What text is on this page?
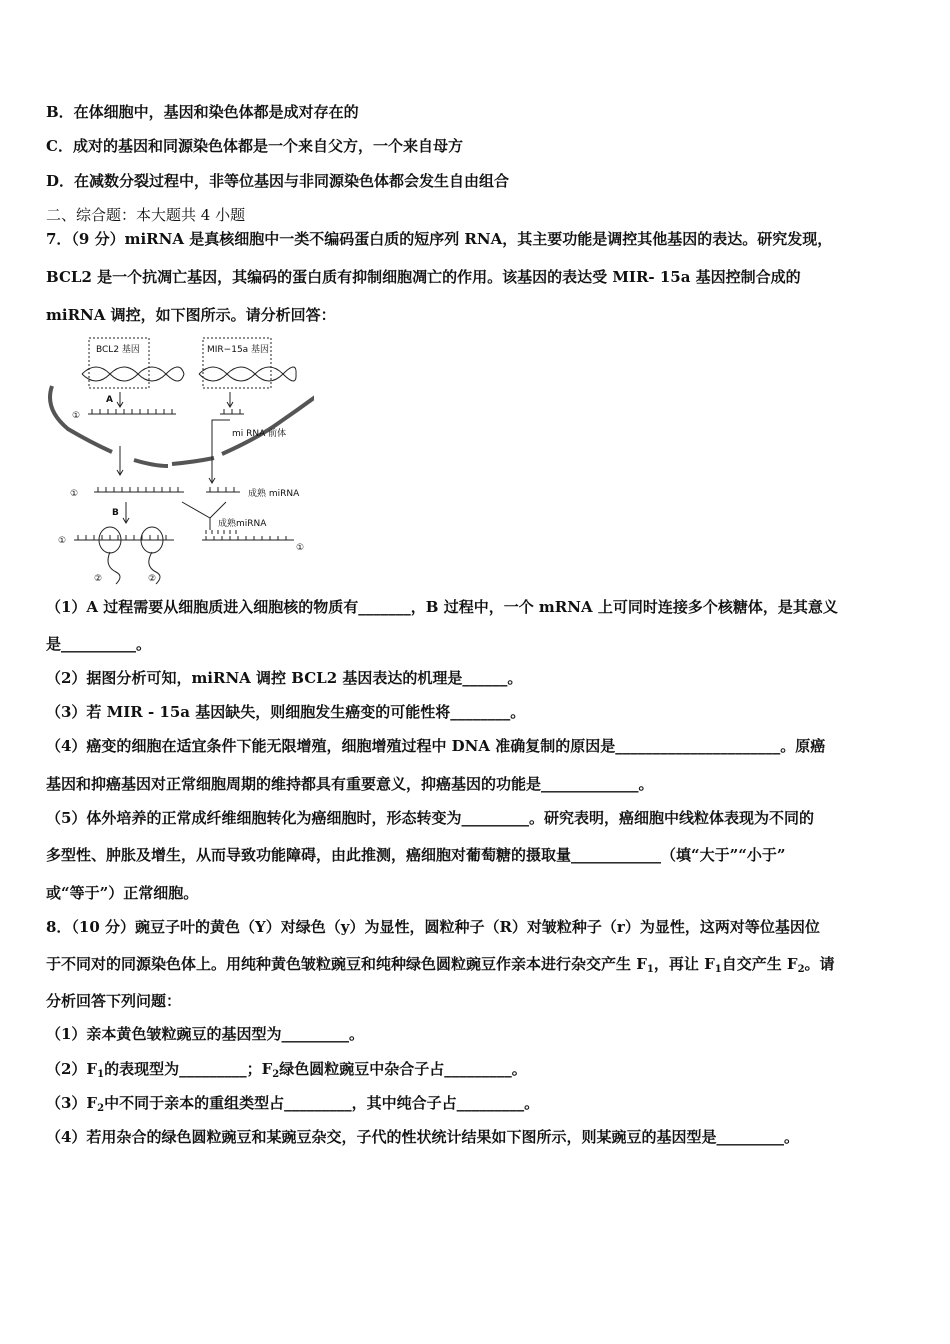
B．在体细胞中，基因和染色体都是成对存在的
C．成对的基因和同源染色体都是一个来自父方，一个来自母方
D．在减数分裂过程中，非等位基因与非同源染色体都会发生自由组合
二、综合题：本大题共 4 小题
7．（9 分）miRNA 是真核细胞中一类不编码蛋白质的短序列 RNA，其主要功能是调控其他基因的表达。研究发现，
BCL2 是一个抗凋亡基因，其编码的蛋白质有抑制细胞凋亡的作用。该基因的表达受 MIR- 15a 基因控制合成的
miRNA 调控，如下图所示。请分析回答：
BCL2 基因	MIR−15a 基因
A
B
①
①
①
①
②	②
mi RNA 前体
成熟 miRNA
成熟miRNA
（1）A 过程需要从细胞质进入细胞核的物质有_______，B 过程中，一个 mRNA 上可同时连接多个核糖体，是其意义
是__________。
（2）据图分析可知，miRNA 调控 BCL2 基因表达的机理是______。
（3）若 MIR - 15a 基因缺失，则细胞发生癌变的可能性将________。
（4）癌变的细胞在适宜条件下能无限增殖，细胞增殖过程中 DNA 准确复制的原因是______________________。原癌
基因和抑癌基因对正常细胞周期的维持都具有重要意义，抑癌基因的功能是_____________。
（5）体外培养的正常成纤维细胞转化为癌细胞时，形态转变为_________。研究表明，癌细胞中线粒体表现为不同的
多型性、肿胀及增生，从而导致功能障碍，由此推测，癌细胞对葡萄糖的摄取量____________（填“大于”“小于”
或“等于”）正常细胞。
8．（10 分）豌豆子叶的黄色（Y）对绿色（y）为显性，圆粒种子（R）对皱粒种子（r）为显性，这两对等位基因位
于不同对的同源染色体上。用纯种黄色皱粒豌豆和纯种绿色圆粒豌豆作亲本进行杂交产生 $F_1$，再让 $F_1$自交产生 $F_2$。请
分析回答下列问题：
（1）亲本黄色皱粒豌豆的基因型为_________。
$(2)F_1$的表现型为_________；$F_2$绿色圆粒豌豆中杂合子占_________。
$(3)F_2$中不同于亲本的重组类型占_________，其中纯合子占_________。
（4）若用杂合的绿色圆粒豌豆和某豌豆杂交，子代的性状统计结果如下图所示，则某豌豆的基因型是_________。
